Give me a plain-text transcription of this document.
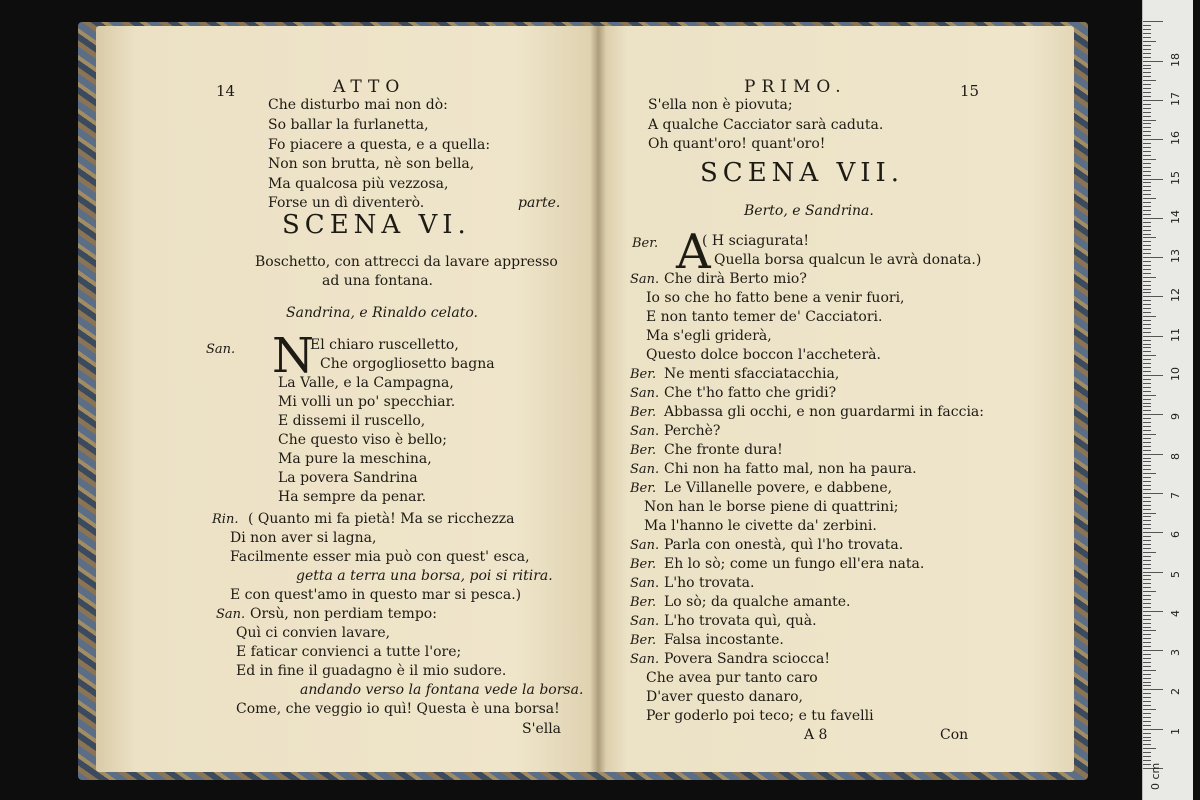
14	ATTO
Che disturbo mai non dò:
So ballar la furlanetta,
Fo piacere a questa, e a quella:
Non son brutta, nè son bella,
Ma qualcosa più vezzosa,
Forse un dì diventerò.	parte.
SCENA VI.
Boschetto, con attrecci da lavare appresso
ad una fontana.
Sandrina, e Rinaldo celato.
San. N
El chiaro ruscelletto,
Che orgogliosetto bagna
La Valle, e la Campagna,
Mi volli un po' specchiar.
E dissemi il ruscello,
Che questo viso è bello;
Ma pure la meschina,
La povera Sandrina
Ha sempre da penar.
Rin. ( Quanto mi fa pietà! Ma se ricchezza
Di non aver si lagna,
Facilmente esser mia può con quest' esca,
getta a terra una borsa, poi si ritira.
E con quest'amo in questo mar si pesca.)
San. Orsù, non perdiam tempo:
Quì ci convien lavare,
E faticar convienci a tutte l'ore;
Ed in fine il guadagno è il mio sudore.
andando verso la fontana vede la borsa.
Come, che veggio io quì! Questa è una borsa!
S'ella
PRIMO.	15
S'ella non è piovuta;
A qualche Cacciator sarà caduta.
Oh quant'oro! quant'oro!
SCENA VII.
Berto, e Sandrina.
Ber. A
( H sciagurata!
Quella borsa qualcun le avrà donata.)
San. Che dirà Berto mio?
Io so che ho fatto bene a venir fuori,
E non tanto temer de' Cacciatori.
Ma s'egli griderà,
Questo dolce boccon l'accheterà.
Ber. Ne menti sfacciatacchia,
San. Che t'ho fatto che gridi?
Ber. Abbassa gli occhi, e non guardarmi in faccia:
San. Perchè?
Ber. Che fronte dura!
San. Chi non ha fatto mal, non ha paura.
Ber. Le Villanelle povere, e dabbene,
Non han le borse piene di quattrini;
Ma l'hanno le civette da' zerbini.
San. Parla con onestà, quì l'ho trovata.
Ber. Eh lo sò; come un fungo ell'era nata.
San. L'ho trovata.
Ber. Lo sò; da qualche amante.
San. L'ho trovata quì, quà.
Ber. Falsa incostante.
San. Povera Sandra sciocca!
Che avea pur tanto caro
D'aver questo danaro,
Per goderlo poi teco; e tu favelli
A 8	Con	1
2
3
4
5
6
7
8
9
10
11
12
13
14
15
16
17
18
0 cm
